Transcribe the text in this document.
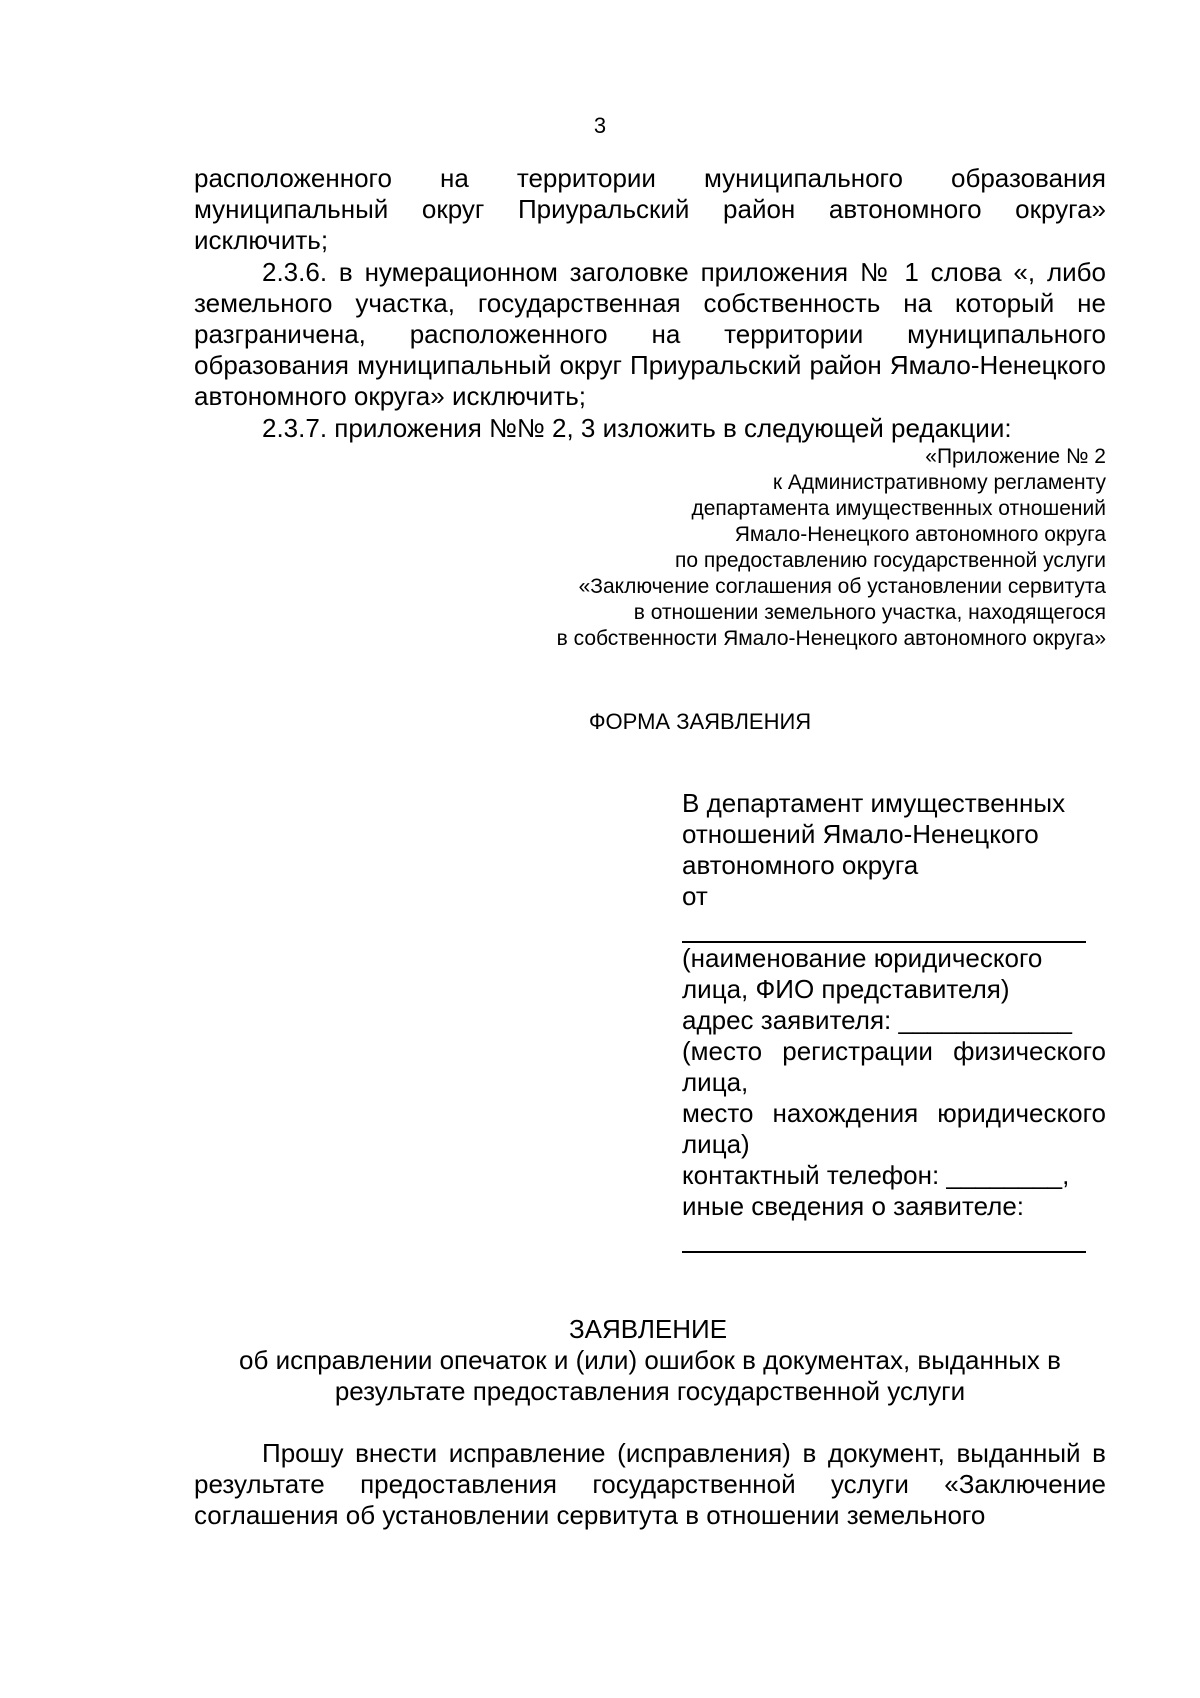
3
расположенного на территории муниципального образования
муниципальный округ Приуральский район автономного округа»
исключить;
2.3.6. в нумерационном заголовке приложения № 1 слова «, либо земельного участка, государственная собственность на который не разграничена, расположенного на территории муниципального образования муниципальный округ Приуральский район Ямало-Ненецкого автономного округа» исключить;
2.3.7. приложения №№ 2, 3 изложить в следующей редакции:
«Приложение № 2
к Административному регламенту
департамента имущественных отношений
Ямало-Ненецкого автономного округа
по предоставлению государственной услуги
«Заключение соглашения об установлении сервитута
в отношении земельного участка, находящегося
в собственности Ямало-Ненецкого автономного округа»
ФОРМА ЗАЯВЛЕНИЯ
В департамент имущественных
отношений Ямало-Ненецкого
автономного округа
от
(наименование юридического
лица, ФИО представителя)
адрес заявителя: ____________
(место регистрации физического
лица,
место нахождения юридического
лица)
контактный телефон: ________,
иные сведения о заявителе:
ЗАЯВЛЕНИЕ
об исправлении опечаток и (или) ошибок в документах, выданных в результате предоставления государственной услуги
Прошу внести исправление (исправления) в документ, выданный в результате предоставления государственной услуги «Заключение соглашения об установлении сервитута в отношении земельного
